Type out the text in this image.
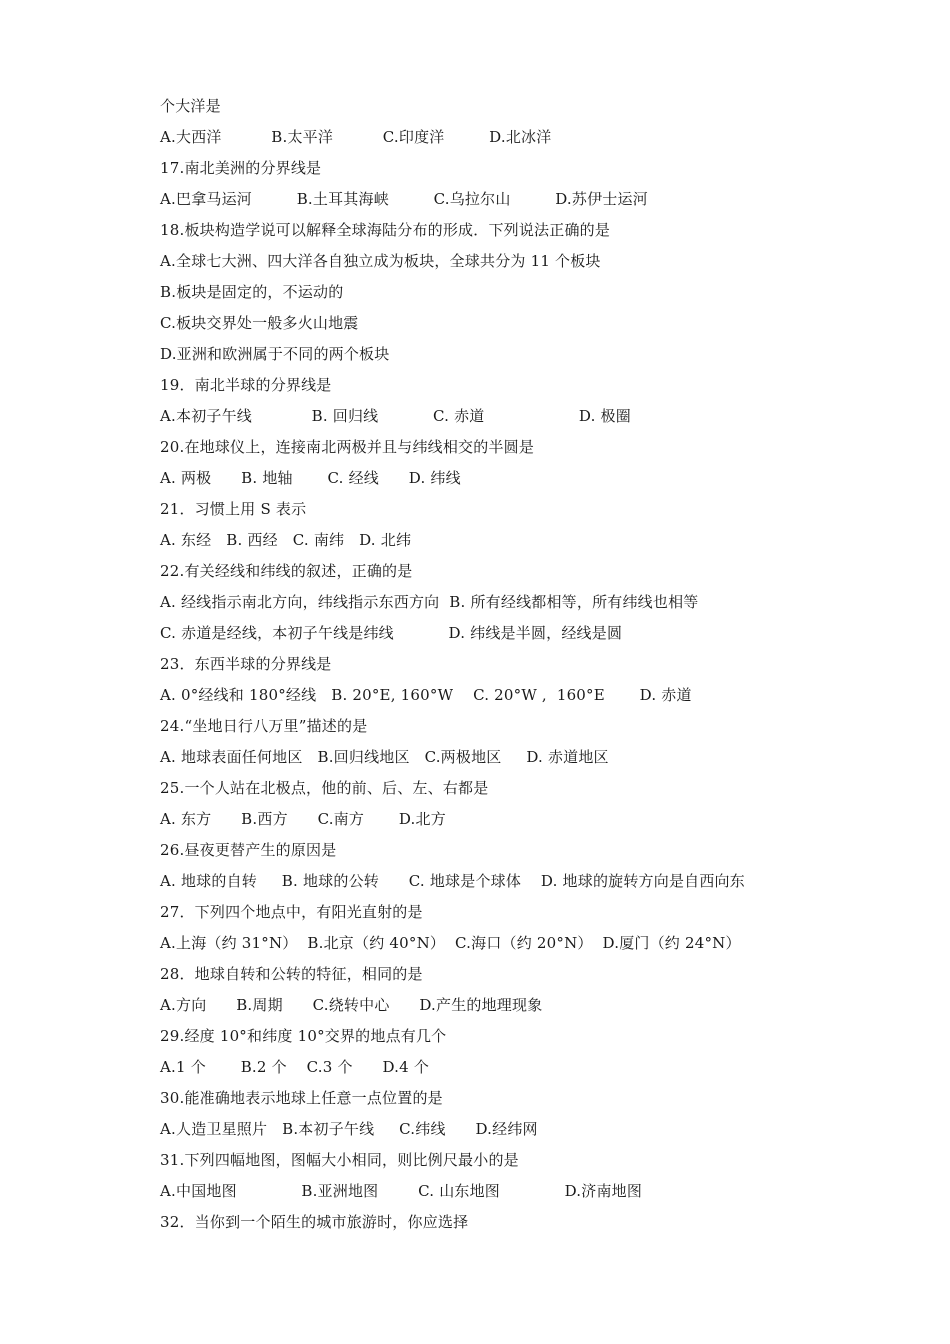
个大洋是
A.大西洋          B.太平洋          C.印度洋         D.北冰洋
17.南北美洲的分界线是
A.巴拿马运河         B.土耳其海峡         C.乌拉尔山         D.苏伊士运河
18.板块构造学说可以解释全球海陆分布的形成．下列说法正确的是
A.全球七大洲、四大洋各自独立成为板块，全球共分为 11 个板块
B.板块是固定的，不运动的
C.板块交界处一般多火山地震
D.亚洲和欧洲属于不同的两个板块
19．南北半球的分界线是
A.本初子午线            B. 回归线           C. 赤道                   D. 极圈
20.在地球仪上，连接南北两极并且与纬线相交的半圆是
A. 两极      B. 地轴       C. 经线      D. 纬线
21．习惯上用 S 表示
A. 东经   B. 西经   C. 南纬   D. 北纬
22.有关经线和纬线的叙述，正确的是
A. 经线指示南北方向，纬线指示东西方向  B. 所有经线都相等，所有纬线也相等
C. 赤道是经线，本初子午线是纬线           D. 纬线是半圆，经线是圆
23．东西半球的分界线是
A. 0°经线和 180°经线   B. 20°E, 160°W    C. 20°W ,  160°E       D. 赤道
24.“坐地日行八万里”描述的是
A. 地球表面任何地区   B.回归线地区   C.两极地区     D. 赤道地区
25.一个人站在北极点，他的前、后、左、右都是
A. 东方      B.西方      C.南方       D.北方
26.昼夜更替产生的原因是
A. 地球的自转     B. 地球的公转      C. 地球是个球体    D. 地球的旋转方向是自西向东
27．下列四个地点中，有阳光直射的是
A.上海（约 31°N）  B.北京（约 40°N）  C.海口（约 20°N）  D.厦门（约 24°N）
28．地球自转和公转的特征，相同的是
A.方向      B.周期      C.绕转中心      D.产生的地理现象
29.经度 10°和纬度 10°交界的地点有几个
A.1 个       B.2 个    C.3 个      D.4 个
30.能准确地表示地球上任意一点位置的是
A.人造卫星照片   B.本初子午线     C.纬线      D.经纬网
31.下列四幅地图，图幅大小相同，则比例尺最小的是
A.中国地图             B.亚洲地图        C. 山东地图             D.济南地图
32．当你到一个陌生的城市旅游时，你应选择
